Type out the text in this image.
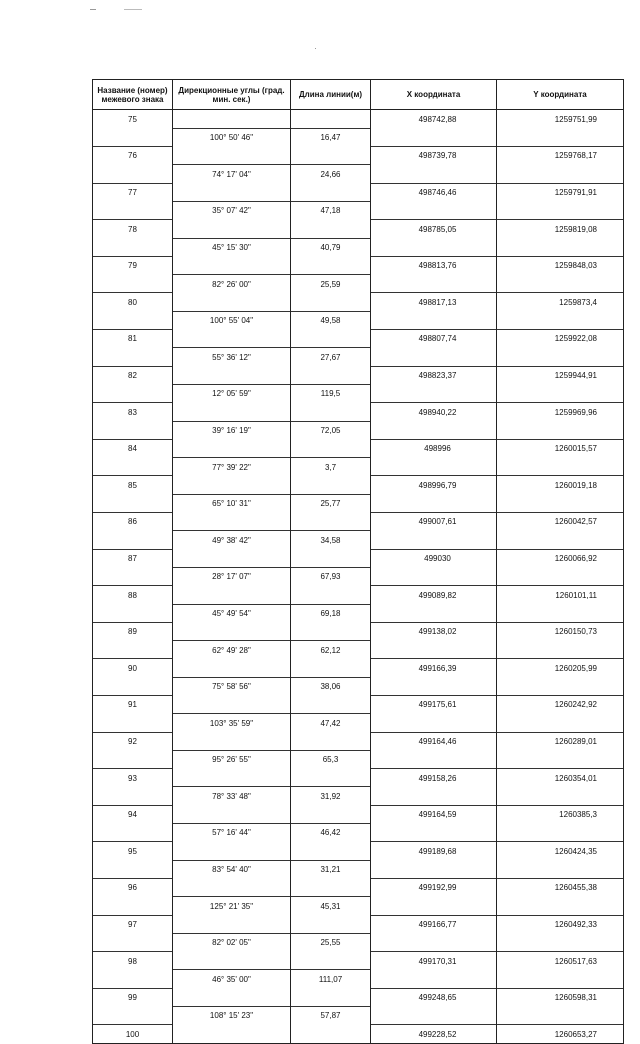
Название (номер) межевого знака	Дирекционные углы (град. мин. сек.)	Длина линии(м)	X координата	Y координата
75			498742,88	1259751,99
	100° 50' 46"	16,47		
76			498739,78	1259768,17
	74° 17' 04"	24,66		
77			498746,46	1259791,91
	35° 07' 42"	47,18		
78			498785,05	1259819,08
	45° 15' 30"	40,79		
79			498813,76	1259848,03
	82° 26' 00"	25,59		
80			498817,13	1259873,4
	100° 55' 04"	49,58		
81			498807,74	1259922,08
	55° 36' 12"	27,67		
82			498823,37	1259944,91
	12° 05' 59"	119,5		
83			498940,22	1259969,96
	39° 16' 19"	72,05		
84			498996	1260015,57
	77° 39' 22"	3,7		
85			498996,79	1260019,18
	65° 10' 31"	25,77		
86			499007,61	1260042,57
	49° 38' 42"	34,58		
87			499030	1260066,92
	28° 17' 07"	67,93		
88			499089,82	1260101,11
	45° 49' 54"	69,18		
89			499138,02	1260150,73
	62° 49' 28"	62,12		
90			499166,39	1260205,99
	75° 58' 56"	38,06		
91			499175,61	1260242,92
	103° 35' 59"	47,42		
92			499164,46	1260289,01
	95° 26' 55"	65,3		
93			499158,26	1260354,01
	78° 33' 48"	31,92		
94			499164,59	1260385,3
	57° 16' 44"	46,42		
95			499189,68	1260424,35
	83° 54' 40"	31,21		
96			499192,99	1260455,38
	125° 21' 35"	45,31		
97			499166,77	1260492,33
	82° 02' 05"	25,55		
98			499170,31	1260517,63
	46° 35' 00"	111,07		
99			499248,65	1260598,31
	108° 15' 23"	57,87		
100			499228,52	1260653,27
